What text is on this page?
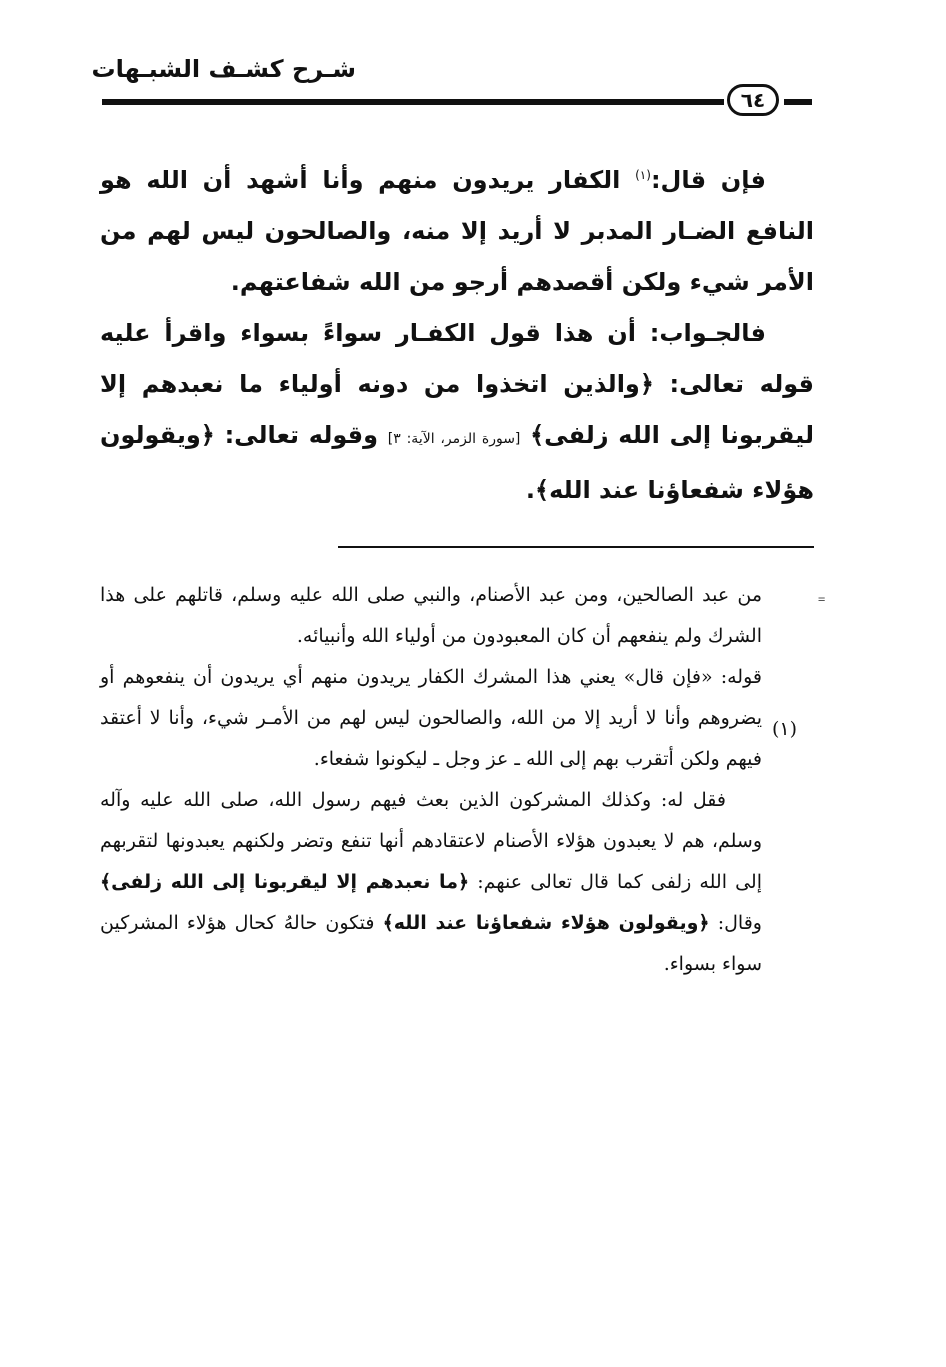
شـرح كشـف الشبـهات
٦٤

فإن قال:$^{(١)}$ الكفار يريدون منهم وأنا أشهد أن الله هو النافع الضـار المدبر لا أريد إلا منه، والصالحون ليس لهم من الأمر شيء ولكن أقصدهم أرجو من الله شفاعتهم.

فالجـواب: أن هذا قول الكفـار سواءً بسواء واقرأ عليه قوله تعالى: ﴿والذين اتخذوا من دونه أولياء ما نعبدهم إلا ليقربونا إلى الله زلفى﴾ [سورة الزمر، الآية: ٣] وقوله تعالى: ﴿ويقولون هؤلاء شفعاؤنا عند الله﴾.

=
(١)

من عبد الصالحين، ومن عبد الأصنام، والنبي صلى الله عليه وسلم، قاتلهم على هذا الشرك ولم ينفعهم أن كان المعبودون من أولياء الله وأنبيائه.

قوله: «فإن قال» يعني هذا المشرك الكفار يريدون منهم أي يريدون أن ينفعوهم أو يضروهم وأنا لا أريد إلا من الله، والصالحون ليس لهم من الأمـر شيء، وأنا لا أعتقد فيهم ولكن أتقرب بهم إلى الله ـ عز وجل ـ ليكونوا شفعاء.

فقل له: وكذلك المشركون الذين بعث فيهم رسول الله، صلى الله عليه وآله وسلم، هم لا يعبدون هؤلاء الأصنام لاعتقادهم أنها تنفع وتضر ولكنهم يعبدونها لتقربهم إلى الله زلفى كما قال تعالى عنهم: ﴿ما نعبدهم إلا ليقربونا إلى الله زلفى﴾ وقال: ﴿ويقولون هؤلاء شفعاؤنا عند الله﴾ فتكون حالهُ كحال هؤلاء المشركين سواء بسواء.
